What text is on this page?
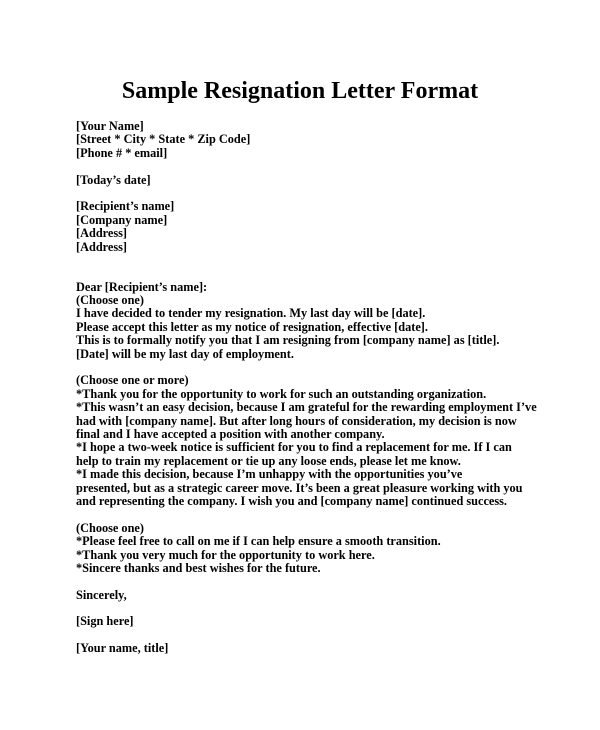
Sample Resignation Letter Format
[Your Name]
[Street * City * State * Zip Code]
[Phone # * email]
[Today’s date]
[Recipient’s name]
[Company name]
[Address]
[Address]
Dear [Recipient’s name]:
(Choose one)
I have decided to tender my resignation. My last day will be [date].
Please accept this letter as my notice of resignation, effective [date].
This is to formally notify you that I am resigning from [company name] as [title].
[Date] will be my last day of employment.
(Choose one or more)
*Thank you for the opportunity to work for such an outstanding organization.
*This wasn’t an easy decision, because I am grateful for the rewarding employment I’ve
had with [company name]. But after long hours of consideration, my decision is now
final and I have accepted a position with another company.
*I hope a two-week notice is sufficient for you to find a replacement for me. If I can
help to train my replacement or tie up any loose ends, please let me know.
*I made this decision, because I’m unhappy with the opportunities you’ve
presented, but as a strategic career move. It’s been a great pleasure working with you
and representing the company. I wish you and [company name] continued success.
(Choose one)
*Please feel free to call on me if I can help ensure a smooth transition.
*Thank you very much for the opportunity to work here.
*Sincere thanks and best wishes for the future.
Sincerely,
[Sign here]
[Your name, title]
